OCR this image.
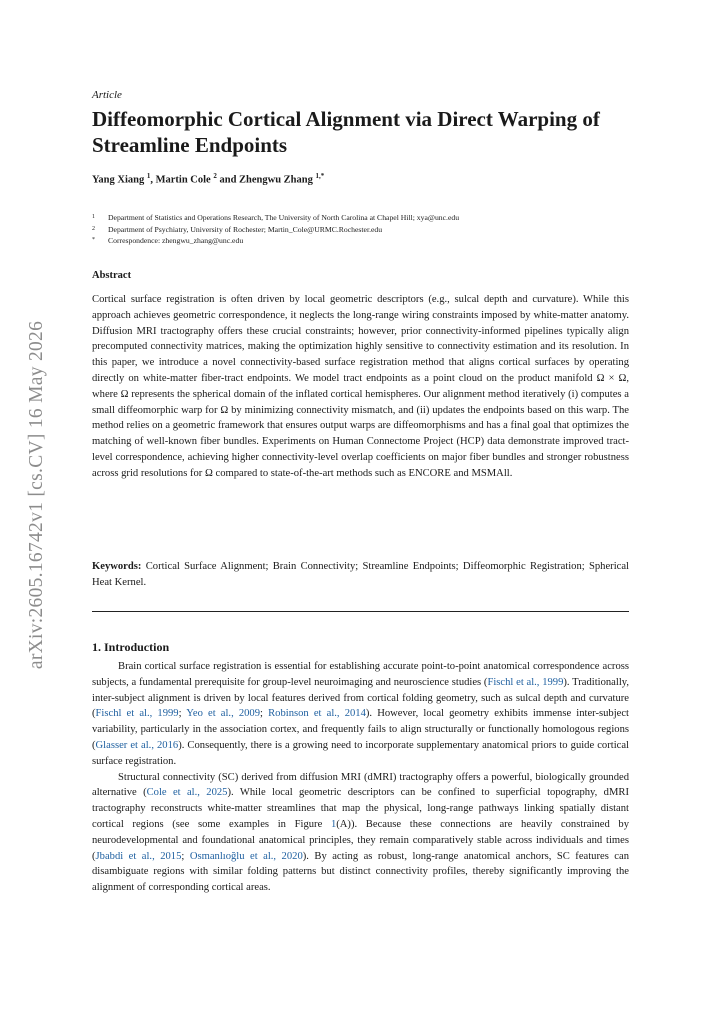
arXiv:2605.16742v1 [cs.CV] 16 May 2026
Article
Diffeomorphic Cortical Alignment via Direct Warping of Streamline Endpoints
Yang Xiang $^1$, Martin Cole $^2$ and Zhengwu Zhang $^{1,*}$
1 Department of Statistics and Operations Research, The University of North Carolina at Chapel Hill; xya@unc.edu
2 Department of Psychiatry, University of Rochester; Martin_Cole@URMC.Rochester.edu
* Correspondence: zhengwu_zhang@unc.edu
Abstract
Cortical surface registration is often driven by local geometric descriptors (e.g., sulcal depth and curvature). While this approach achieves geometric correspondence, it neglects the long-range wiring constraints imposed by white-matter anatomy. Diffusion MRI tractography offers these crucial constraints; however, prior connectivity-informed pipelines typically align precomputed connectivity matrices, making the optimization highly sensitive to connectivity estimation and its resolution. In this paper, we introduce a novel connectivity-based surface registration method that aligns cortical surfaces by operating directly on white-matter fiber-tract endpoints. We model tract endpoints as a point cloud on the product manifold Ω × Ω, where Ω represents the spherical domain of the inflated cortical hemispheres. Our alignment method iteratively (i) computes a small diffeomorphic warp for Ω by minimizing connectivity mismatch, and (ii) updates the endpoints based on this warp. The method relies on a geometric framework that ensures output warps are diffeomorphisms and has a final goal that optimizes the matching of well-known fiber bundles. Experiments on Human Connectome Project (HCP) data demonstrate improved tract-level correspondence, achieving higher connectivity-level overlap coefficients on major fiber bundles and stronger robustness across grid resolutions for Ω compared to state-of-the-art methods such as ENCORE and MSMAll.
Keywords: Cortical Surface Alignment; Brain Connectivity; Streamline Endpoints; Diffeomorphic Registration; Spherical Heat Kernel.
1. Introduction

Brain cortical surface registration is essential for establishing accurate point-to-point anatomical correspondence across subjects, a fundamental prerequisite for group-level neuroimaging and neuroscience studies (Fischl et al., 1999). Traditionally, inter-subject alignment is driven by local features derived from cortical folding geometry, such as sulcal depth and curvature (Fischl et al., 1999; Yeo et al., 2009; Robinson et al., 2014). However, local geometry exhibits immense inter-subject variability, particularly in the association cortex, and frequently fails to align structurally or functionally homologous regions (Glasser et al., 2016). Consequently, there is a growing need to incorporate supplementary anatomical priors to guide cortical surface registration.

Structural connectivity (SC) derived from diffusion MRI (dMRI) tractography offers a powerful, biologically grounded alternative (Cole et al., 2025). While local geometric descriptors can be confined to superficial topography, dMRI tractography reconstructs white-matter streamlines that map the physical, long-range pathways linking spatially distant cortical regions (see some examples in Figure 1(A)). Because these connections are heavily constrained by neurodevelopmental and foundational anatomical principles, they remain comparatively stable across individuals and times (Jbabdi et al., 2015; Osmanlıoğlu et al., 2020). By acting as robust, long-range anatomical anchors, SC features can disambiguate regions with similar folding patterns but distinct connectivity profiles, thereby significantly improving the alignment of corresponding cortical areas.
